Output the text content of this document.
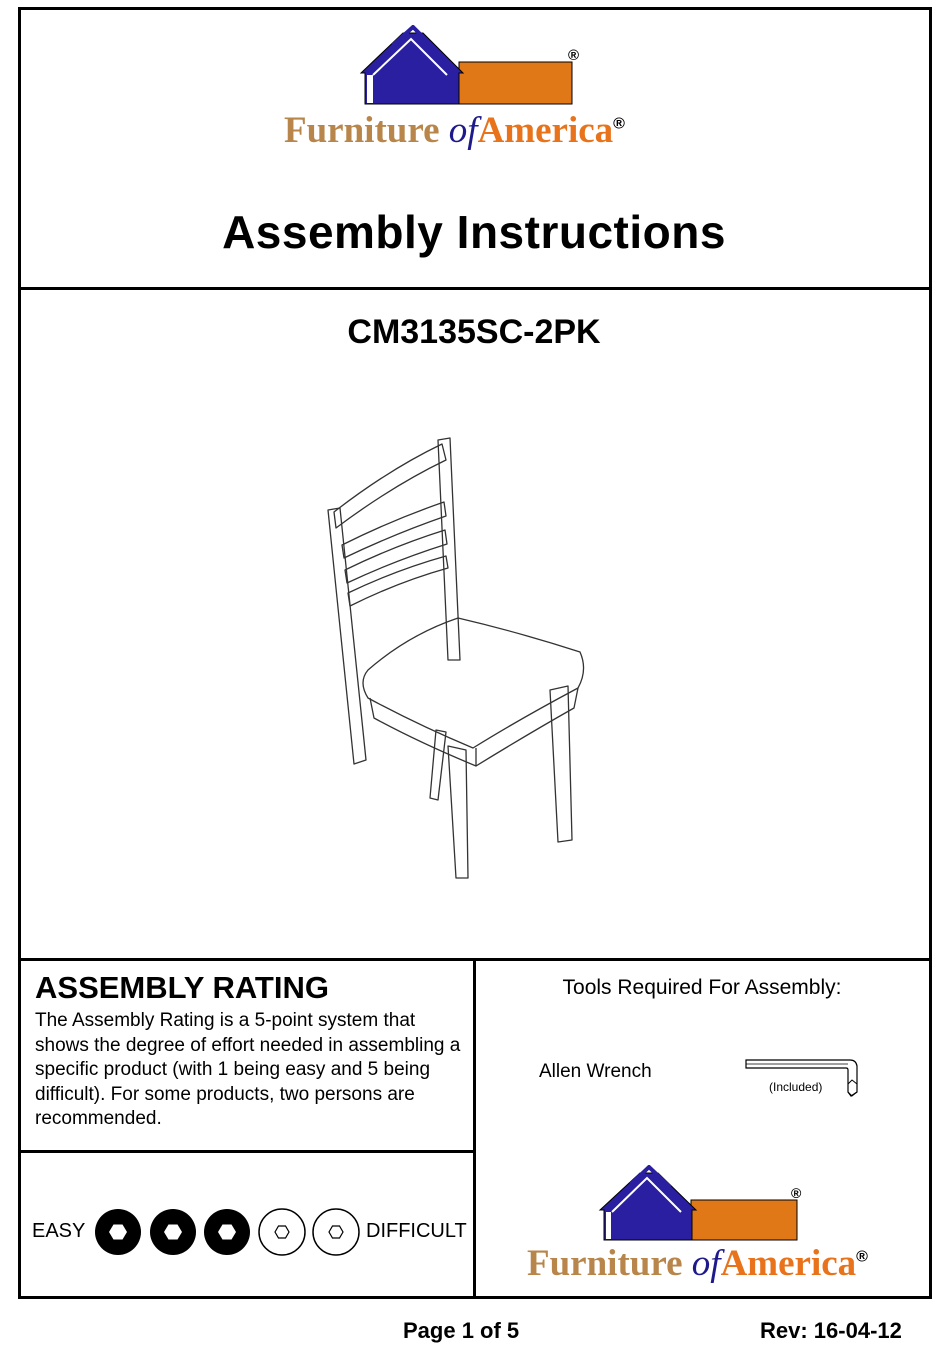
®
Furniture ofAmerica®
Assembly Instructions
CM3135SC-2PK
ASSEMBLY RATING
The Assembly Rating is a 5-point system that shows the degree of effort needed in assembling a specific product (with 1 being easy and 5 being difficult). For some products, two persons are recommended.
EASY	DIFFICULT
Tools Required For Assembly:
Allen Wrench
(Included)
®
Furniture ofAmerica®
Page 1 of 5	Rev: 16-04-12
